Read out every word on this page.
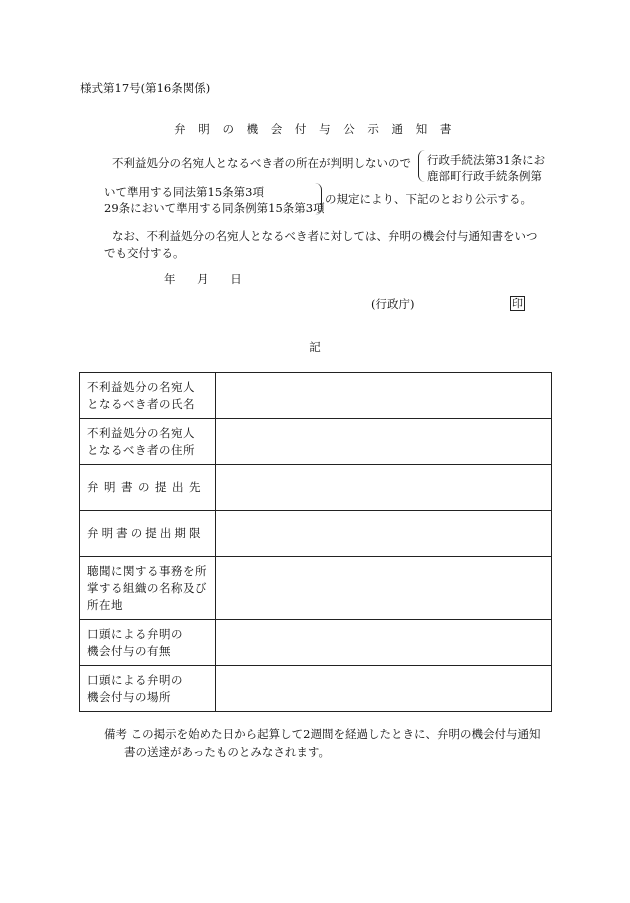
様式第17号(第16条関係)
弁 明 の 機 会 付 与 公 示 通 知 書
不利益処分の名宛人となるべき者の所在が判明しないので 行政手続法第31条にお
鹿部町行政手続条例第
いて準用する同法第15条第3項
29条において準用する同条例第15条第3項
の規定により、下記のとおり公示する。
なお、不利益処分の名宛人となるべき者に対しては、弁明の機会付与通知書をいつ
でも交付する。
年 月 日
(行政庁)	印
記
不利益処分の名宛人
となるべき者の氏名	

不利益処分の名宛人
となるべき者の住所	

弁明書の提出先	

弁明書の提出期限	

聴聞に関する事務を所
掌する組織の名称及び
所在地	

口頭による弁明の
機会付与の有無	

口頭による弁明の
機会付与の場所	

備考 この掲示を始めた日から起算して2週間を経過したときに、弁明の機会付与通知
書の送達があったものとみなされます。
